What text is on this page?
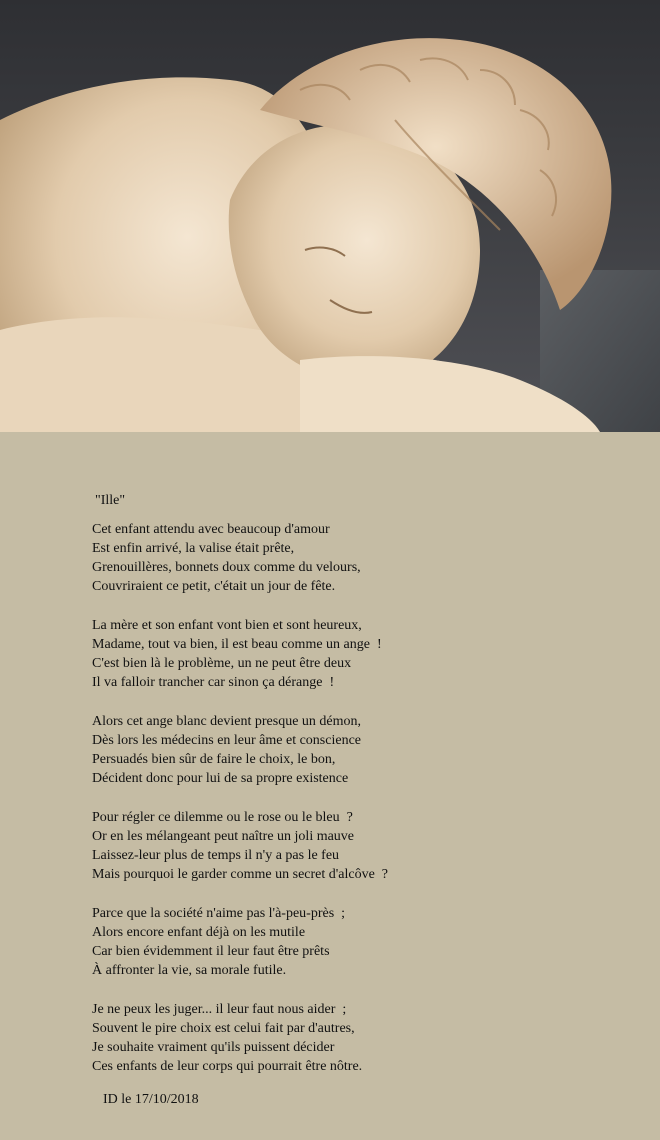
"Ille"
Cet enfant attendu avec beaucoup d'amour
Est enfin arrivé, la valise était prête,
Grenouillères, bonnets doux comme du velours,
Couvriraient ce petit, c'était un jour de fête.
La mère et son enfant vont bien et sont heureux,
Madame, tout va bien, il est beau comme un ange  !
C'est bien là le problème, un ne peut être deux
Il va falloir trancher car sinon ça dérange  !
Alors cet ange blanc devient presque un démon,
Dès lors les médecins en leur âme et conscience
Persuadés bien sûr de faire le choix, le bon,
Décident donc pour lui de sa propre existence
Pour régler ce dilemme ou le rose ou le bleu  ?
Or en les mélangeant peut naître un joli mauve
Laissez-leur plus de temps il n'y a pas le feu
Mais pourquoi le garder comme un secret d'alcôve  ?
Parce que la société n'aime pas l'à-peu-près  ;
Alors encore enfant déjà on les mutile
Car bien évidemment il leur faut être prêts
À affronter la vie, sa morale futile.
Je ne peux les juger... il leur faut nous aider  ;
Souvent le pire choix est celui fait par d'autres,
Je souhaite vraiment qu'ils puissent décider
Ces enfants de leur corps qui pourrait être nôtre.
ID le 17/10/2018
